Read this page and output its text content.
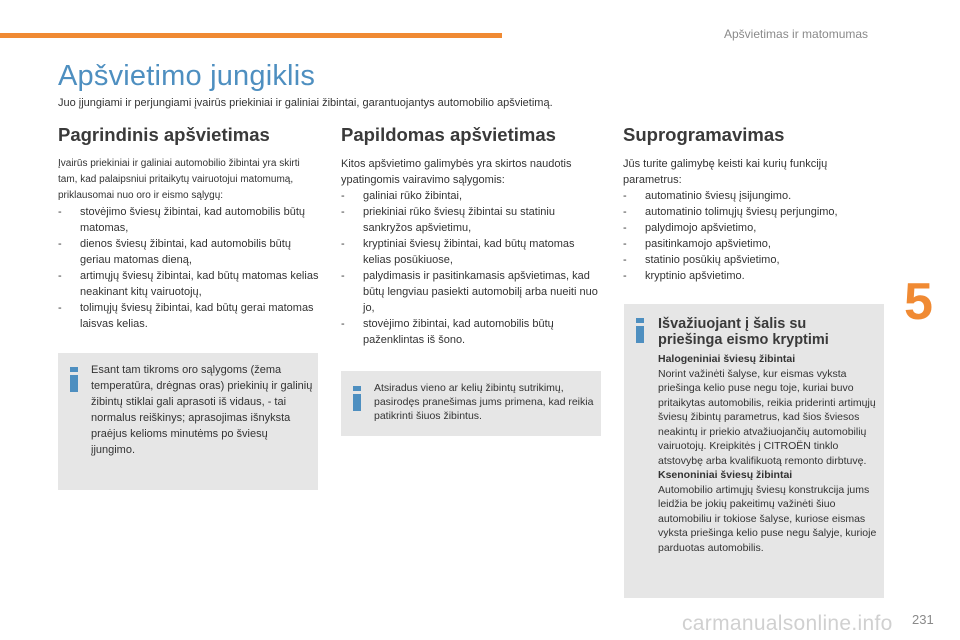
Apšvietimas ir matomumas
Apšvietimo jungiklis
Juo įjungiami ir perjungiami įvairūs priekiniai ir galiniai žibintai, garantuojantys automobilio apšvietimą.
Pagrindinis apšvietimas

Įvairūs priekiniai ir galiniai automobilio žibintai yra skirti tam, kad palaipsniui pritaikytų vairuotojui matomumą, priklausomai nuo oro ir eismo sąlygų:

- stovėjimo šviesų žibintai, kad automobilis būtų matomas,
- dienos šviesų žibintai, kad automobilis būtų geriau matomas dieną,
- artimųjų šviesų žibintai, kad būtų matomas kelias neakinant kitų vairuotojų,
- tolimųjų šviesų žibintai, kad būtų gerai matomas laisvas kelias.
Esant tam tikroms oro sąlygoms (žema temperatūra, drėgnas oras) priekinių ir galinių žibintų stiklai gali aprasoti iš vidaus, - tai normalus reiškinys; aprasojimas išnyksta praėjus kelioms minutėms po šviesų įjungimo.
Papildomas apšvietimas

Kitos apšvietimo galimybės yra skirtos naudotis ypatingomis vairavimo sąlygomis:

- galiniai rūko žibintai,
- priekiniai rūko šviesų žibintai su statiniu sankryžos apšvietimu,
- kryptiniai šviesų žibintai, kad būtų matomas kelias posūkiuose,
- palydimasis ir pasitinkamasis apšvietimas, kad būtų lengviau pasiekti automobilį arba nueiti nuo jo,
- stovėjimo žibintai, kad automobilis būtų paženklintas iš šono.
Atsiradus vieno ar kelių žibintų sutrikimų, pasirodęs pranešimas jums primena, kad reikia patikrinti šiuos žibintus.
Suprogramavimas

Jūs turite galimybę keisti kai kurių funkcijų parametrus:

- automatinio šviesų įsijungimo.
- automatinio tolimųjų šviesų perjungimo,
- palydimojo apšvietimo,
- pasitinkamojo apšvietimo,
- statinio posūkių apšvietimo,
- kryptinio apšvietimo.
Išvažiuojant į šalis su
priešinga eismo kryptimi
Halogeniniai šviesų žibintai
Norint važinėti šalyse, kur eismas vyksta priešinga kelio puse negu toje, kuriai buvo pritaikytas automobilis, reikia priderinti artimųjų šviesų žibintų parametrus, kad šios šviesos neakintų ir priekio atvažiuojančių automobilių vairuotojų. Kreipkitės į CITROËN tinklo atstovybę arba kvalifikuotą remonto dirbtuvę.
Ksenoniniai šviesų žibintai
Automobilio artimųjų šviesų konstrukcija jums leidžia be jokių pakeitimų važinėti šiuo automobiliu ir tokiose šalyse, kuriose eismas vyksta priešinga kelio puse negu šalyje, kurioje parduotas automobilis.
5
carmanualsonline.info 231
